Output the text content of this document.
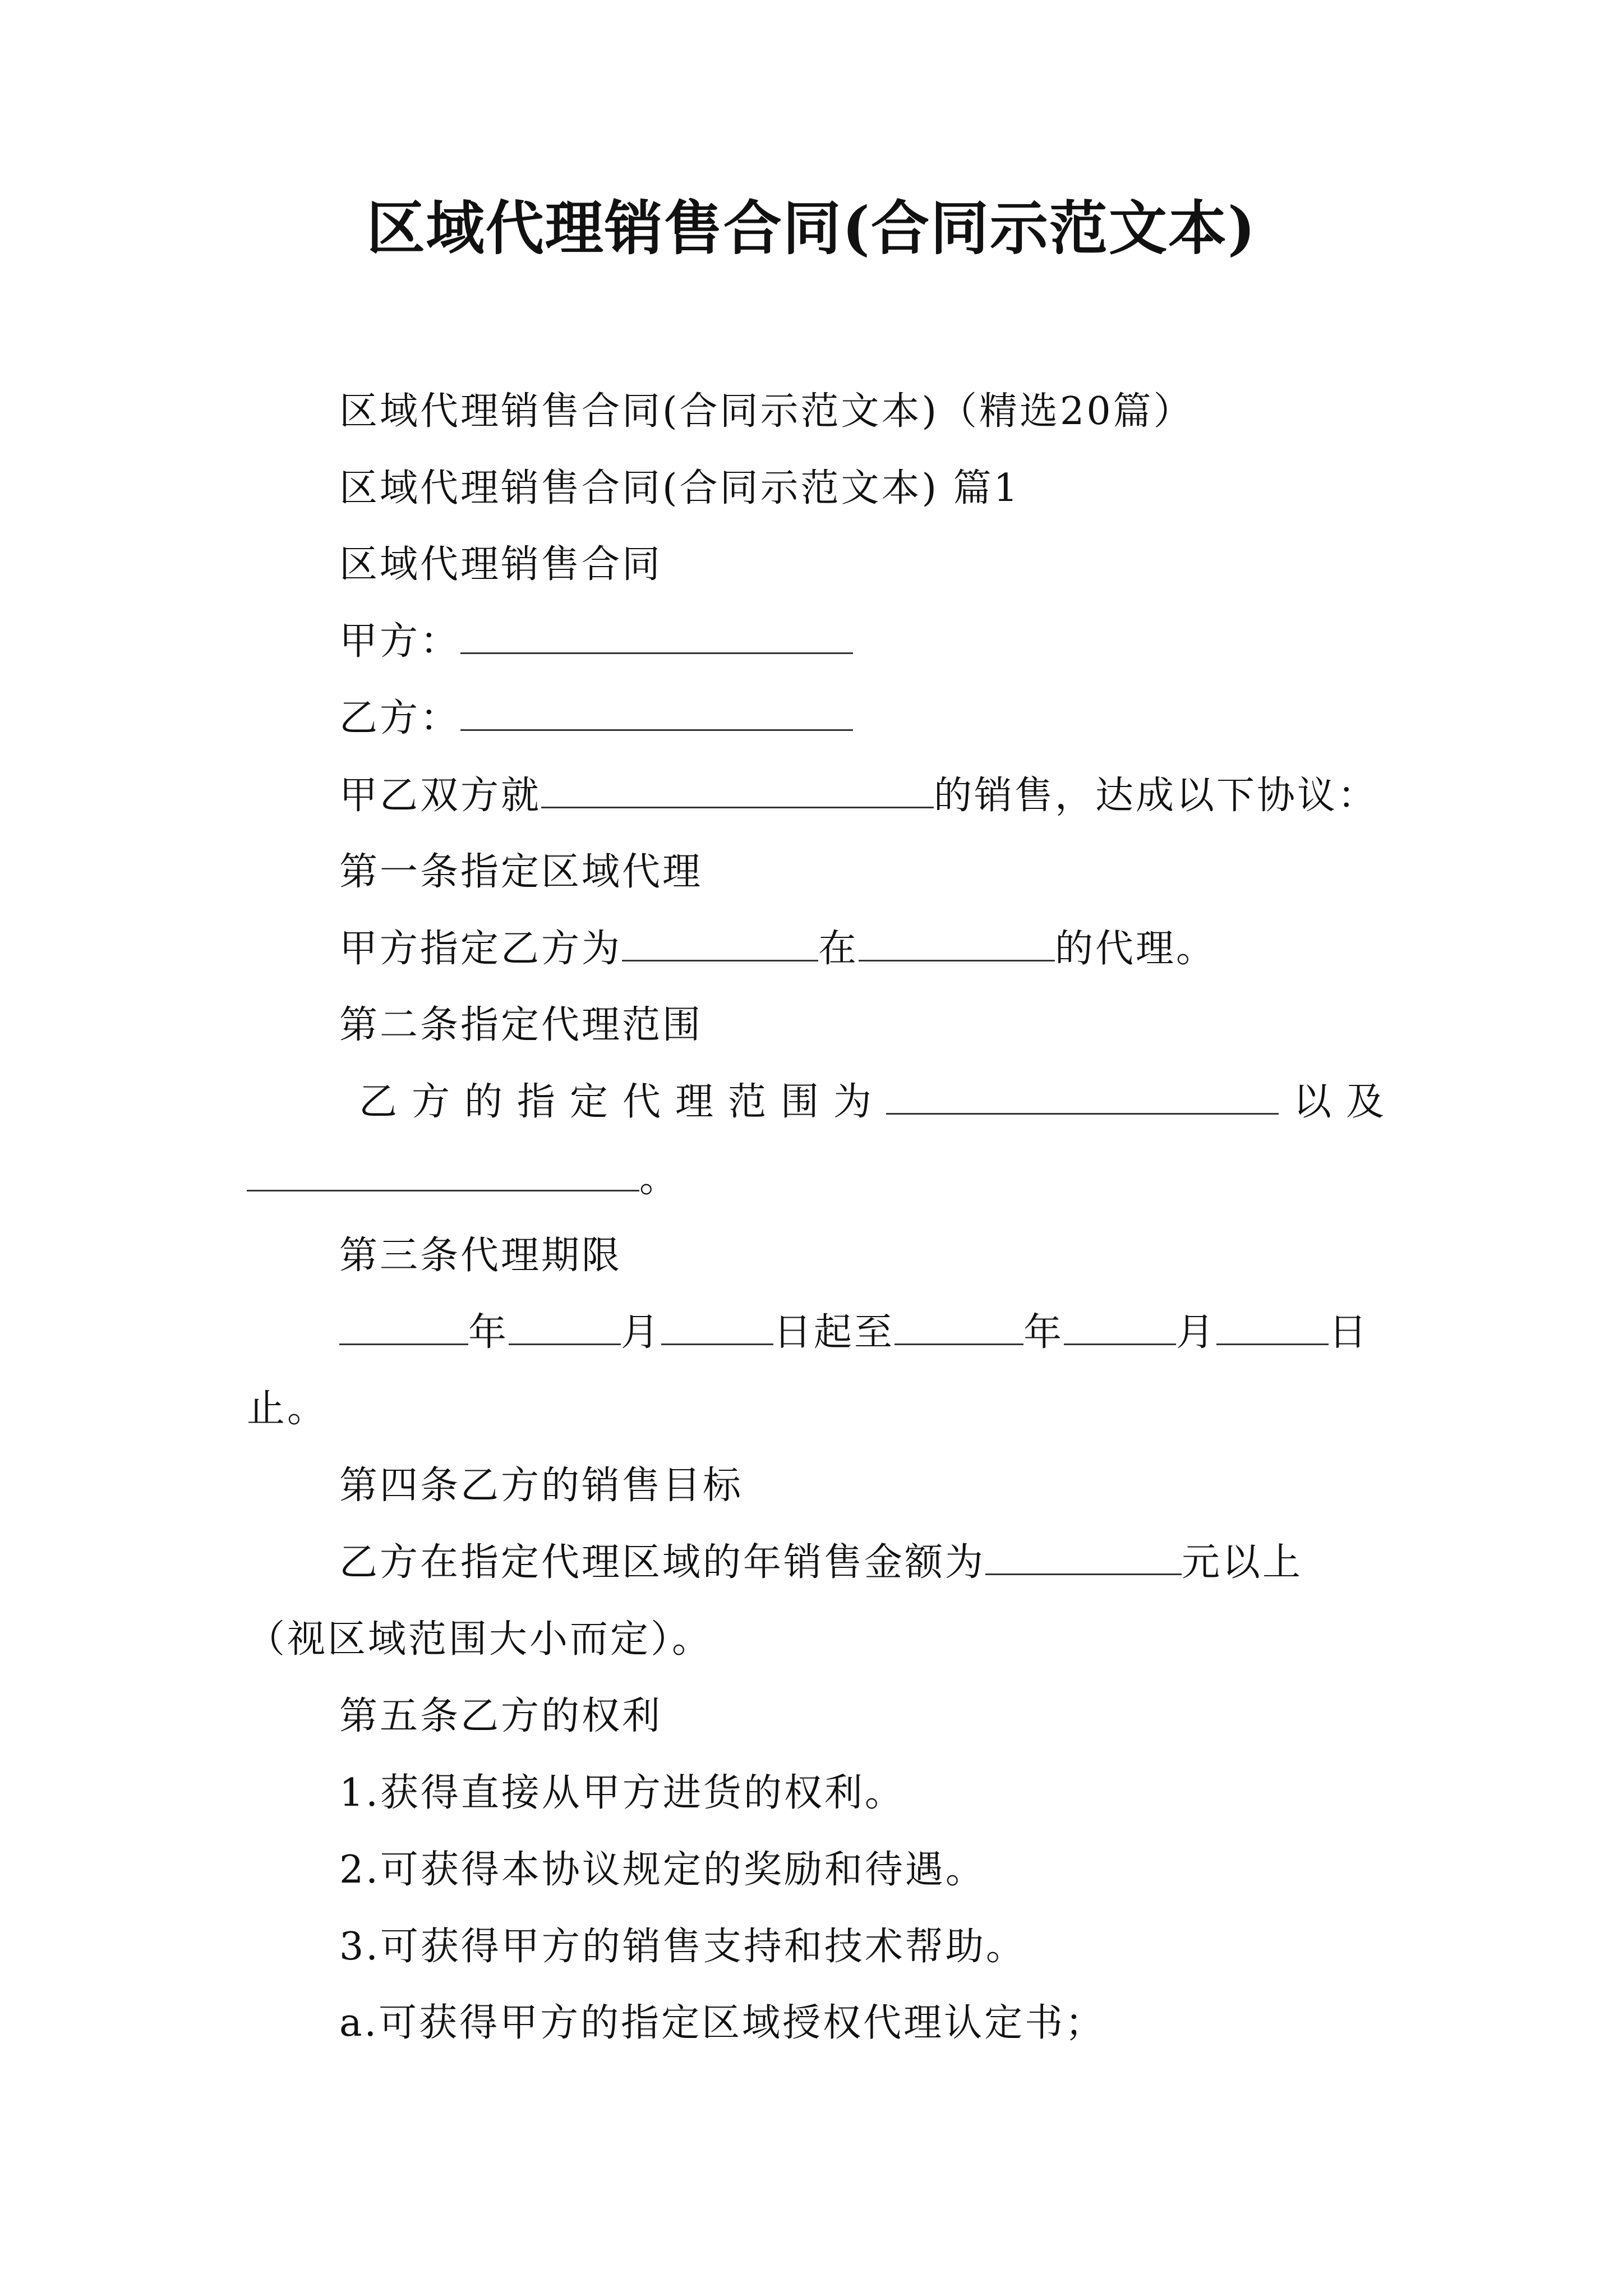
区域代理销售合同(合同示范文本)
区域代理销售合同(合同示范文本)（精选20篇）
区域代理销售合同(合同示范文本) 篇1
区域代理销售合同
甲方：
乙方：
甲乙双方就	的销售，达成以下协议：
第一条指定区域代理
甲方指定乙方为	在	的代理。
第二条指定代理范围
乙方的指定代理范围为	以及
。
第三条代理期限
年	月	日起至	年	月	日
止。
第四条乙方的销售目标
乙方在指定代理区域的年销售金额为	元以上
（视区域范围大小而定）。
第五条乙方的权利
1.获得直接从甲方进货的权利。
2.可获得本协议规定的奖励和待遇。
3.可获得甲方的销售支持和技术帮助。
a.可获得甲方的指定区域授权代理认定书；
